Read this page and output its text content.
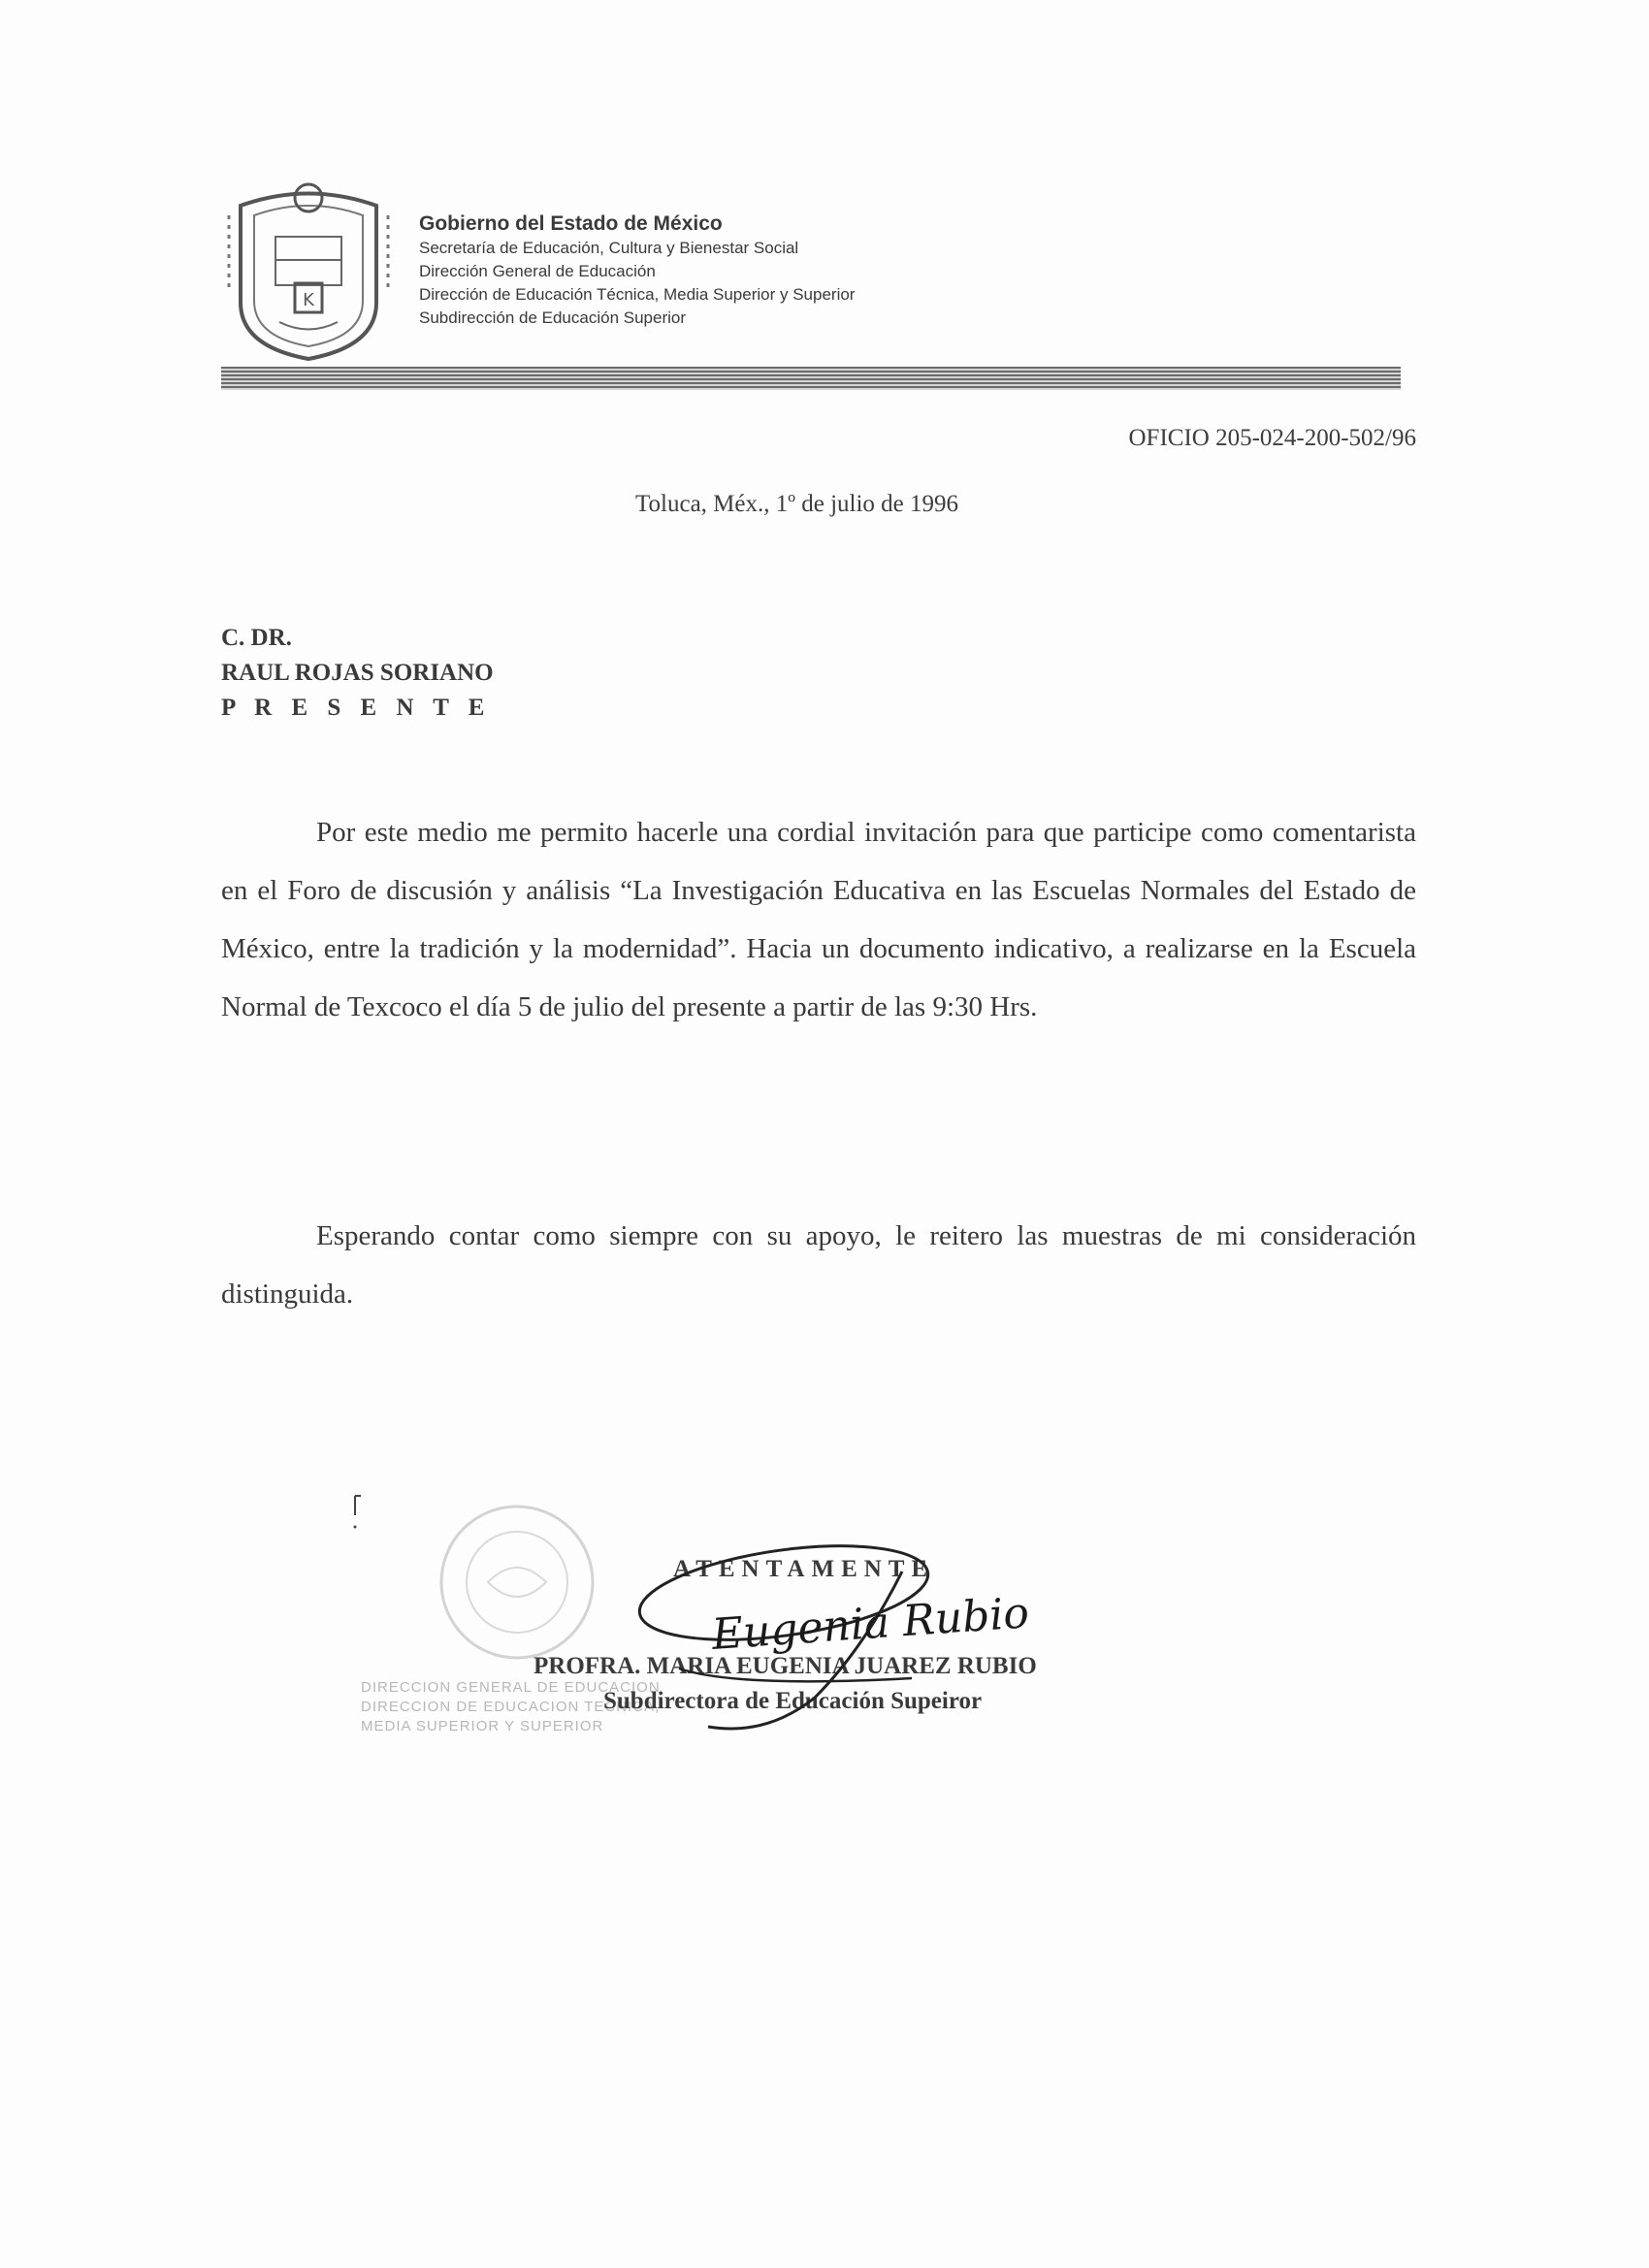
K
Gobierno del Estado de México
Secretaría de Educación, Cultura y Bienestar Social
Dirección General de Educación
Dirección de Educación Técnica, Media Superior y Superior
Subdirección de Educación Superior
OFICIO 205-024-200-502/96
Toluca, Méx., 1º de julio de 1996
C. DR.
RAUL ROJAS SORIANO
P R E S E N T E

Por este medio me permito hacerle una cordial invitación para que participe como comentarista en el Foro de discusión y análisis “La Investigación Educativa en las Escuelas Normales del Estado de México, entre la tradición y la modernidad”. Hacia un documento indicativo, a realizarse en la Escuela Normal de Texcoco el día 5 de julio del presente a partir de las 9:30 Hrs.

Esperando contar como siempre con su apoyo, le reitero las muestras de mi consideración distinguida.

DIRECCION GENERAL DE EDUCACION
DIRECCION DE EDUCACION TECNICA,
MEDIA SUPERIOR Y SUPERIOR
ATENTAMENTE
PROFRA. MARIA EUGENIA JUAREZ RUBIO
Subdirectora de Educación Supeiror
Eugenia Rubio
